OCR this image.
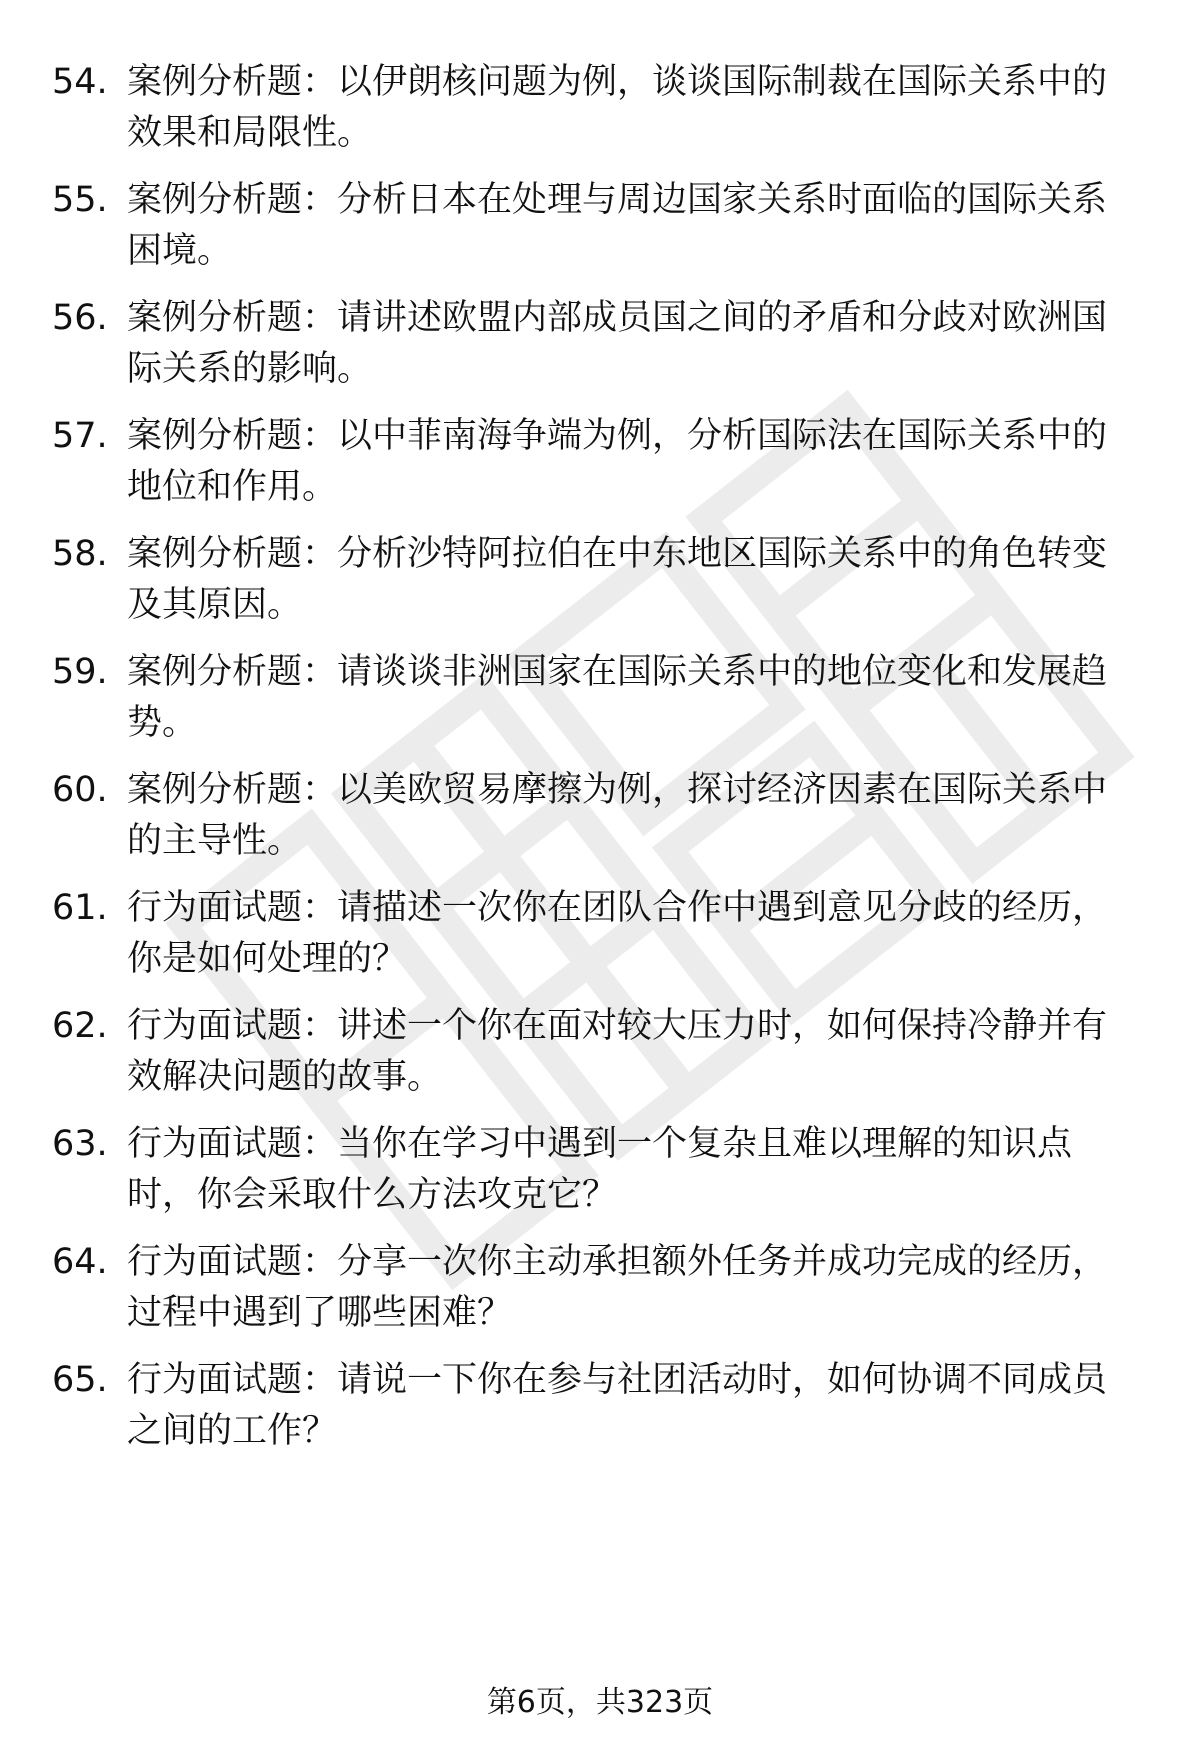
54. 案例分析题：以伊朗核问题为例，谈谈国际制裁在国际关系中的
效果和局限性。
55. 案例分析题：分析日本在处理与周边国家关系时面临的国际关系
困境。
56. 案例分析题：请讲述欧盟内部成员国之间的矛盾和分歧对欧洲国
际关系的影响。
57. 案例分析题：以中菲南海争端为例，分析国际法在国际关系中的
地位和作用。
58. 案例分析题：分析沙特阿拉伯在中东地区国际关系中的角色转变
及其原因。
59. 案例分析题：请谈谈非洲国家在国际关系中的地位变化和发展趋
势。
60. 案例分析题：以美欧贸易摩擦为例，探讨经济因素在国际关系中
的主导性。
61. 行为面试题：请描述一次你在团队合作中遇到意见分歧的经历，
你是如何处理的？
62. 行为面试题：讲述一个你在面对较大压力时，如何保持冷静并有
效解决问题的故事。
63. 行为面试题：当你在学习中遇到一个复杂且难以理解的知识点
时，你会采取什么方法攻克它？
64. 行为面试题：分享一次你主动承担额外任务并成功完成的经历，
过程中遇到了哪些困难？
65. 行为面试题：请说一下你在参与社团活动时，如何协调不同成员
之间的工作？
第6页，共323页
